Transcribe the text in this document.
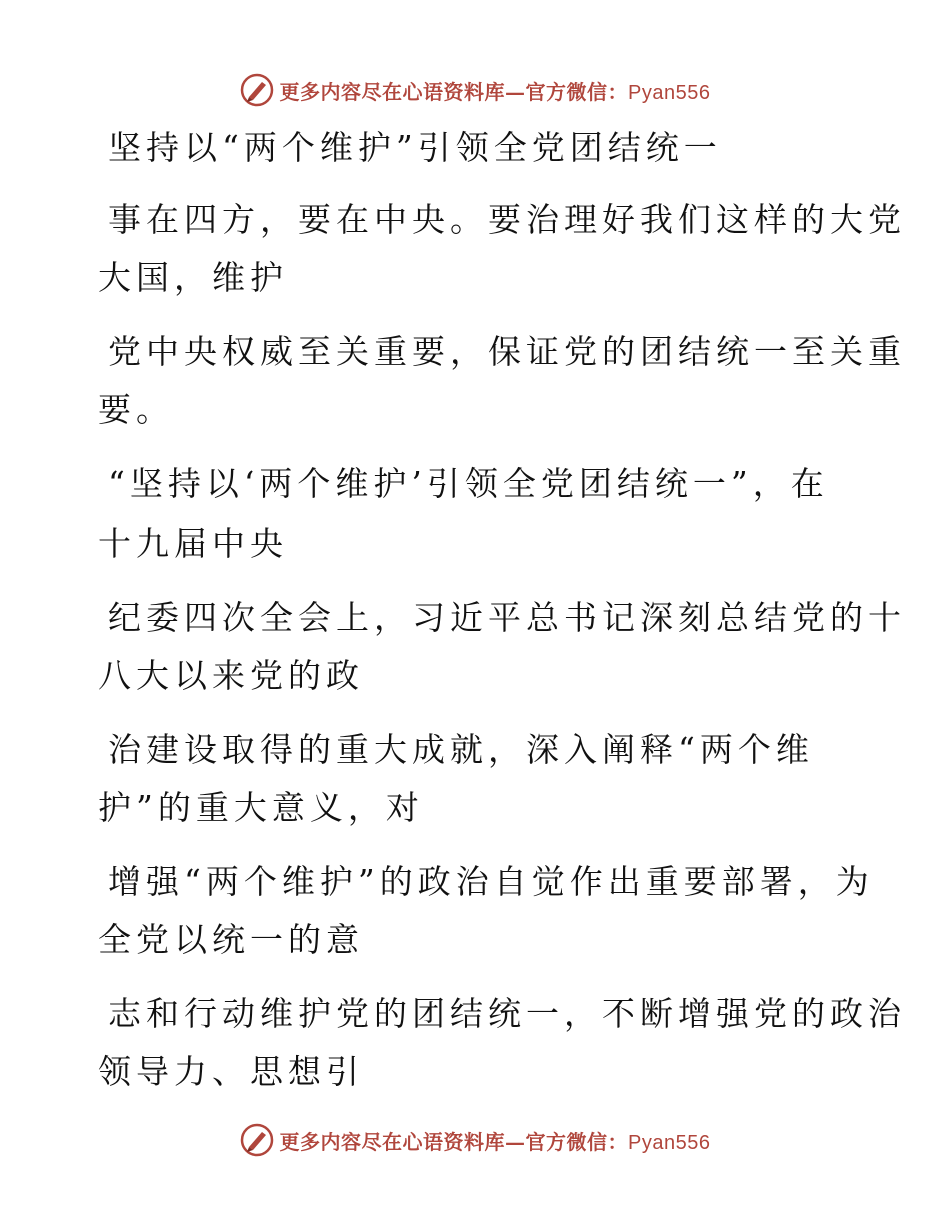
更多内容尽在心语资料库—官方微信：Pyan556
坚持以“两个维护”引领全党团结统一
事在四方，要在中央。要治理好我们这样的大党
大国，维护
党中央权威至关重要，保证党的团结统一至关重
要。
“坚持以‘两个维护’引领全党团结统一”，在
十九届中央
纪委四次全会上，习近平总书记深刻总结党的十
八大以来党的政
治建设取得的重大成就，深入阐释“两个维
护”的重大意义，对
增强“两个维护”的政治自觉作出重要部署，为
全党以统一的意
志和行动维护党的团结统一，不断增强党的政治
领导力、思想引
更多内容尽在心语资料库—官方微信：Pyan556
